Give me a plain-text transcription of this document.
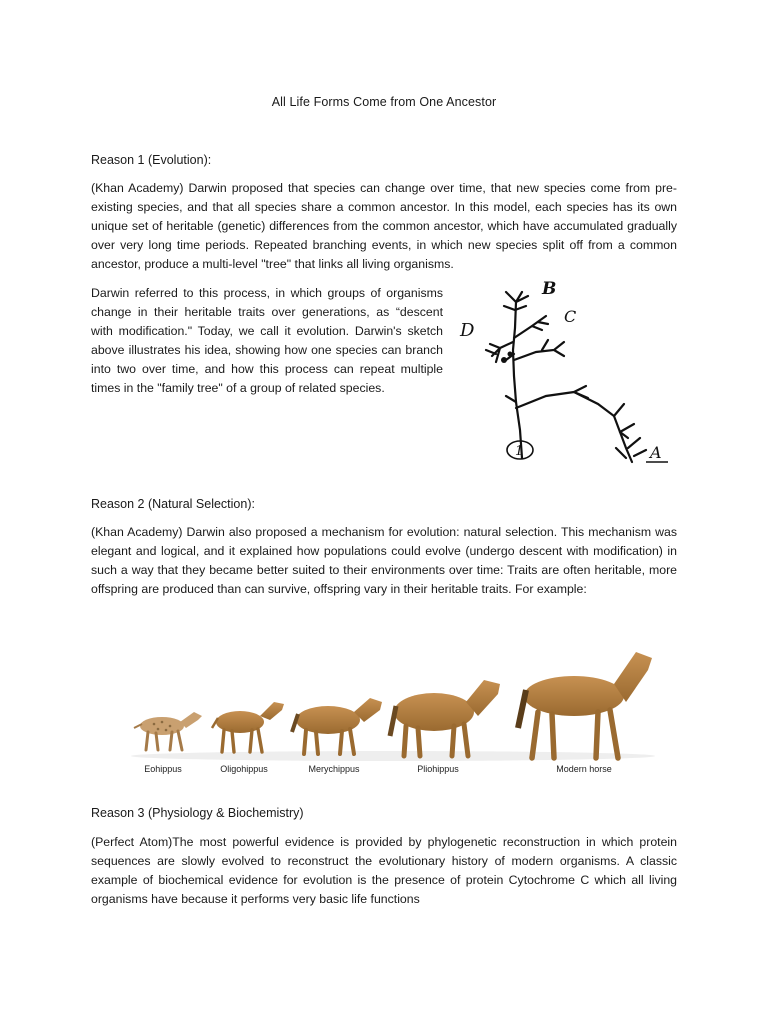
All Life Forms Come from One Ancestor
Reason 1 (Evolution):

(Khan Academy) Darwin proposed that species can change over time, that new species come from pre-existing species, and that all species share a common ancestor. In this model, each species has its own unique set of heritable (genetic) differences from the common ancestor, which have accumulated gradually over very long time periods. Repeated branching events, in which new species split off from a common ancestor, produce a multi-level "tree" that links all living organisms.

Darwin referred to this process, in which groups of organisms change in their heritable traits over generations, as “descent with modification." Today, we call it evolution. Darwin's sketch above illustrates his idea, showing how one species can branch into two over time, and how this process can repeat multiple times in the "family tree" of a group of related species.

1
B
C
D
A
Reason 2 (Natural Selection):

(Khan Academy) Darwin also proposed a mechanism for evolution: natural selection. This mechanism was elegant and logical, and it explained how populations could evolve (undergo descent with modification) in such a way that they became better suited to their environments over time: Traits are often heritable, more offspring are produced than can survive, offspring vary in their heritable traits. For example:

Eohippus	Oligohippus	Merychippus	Pliohippus	Modern horse
Reason 3 (Physiology & Biochemistry)

(Perfect Atom)The most powerful evidence is provided by phylogenetic reconstruction in which protein sequences are slowly evolved to reconstruct the evolutionary history of modern organisms. A classic example of biochemical evidence for evolution is the presence of protein Cytochrome C which all living organisms have because it performs very basic life functions
